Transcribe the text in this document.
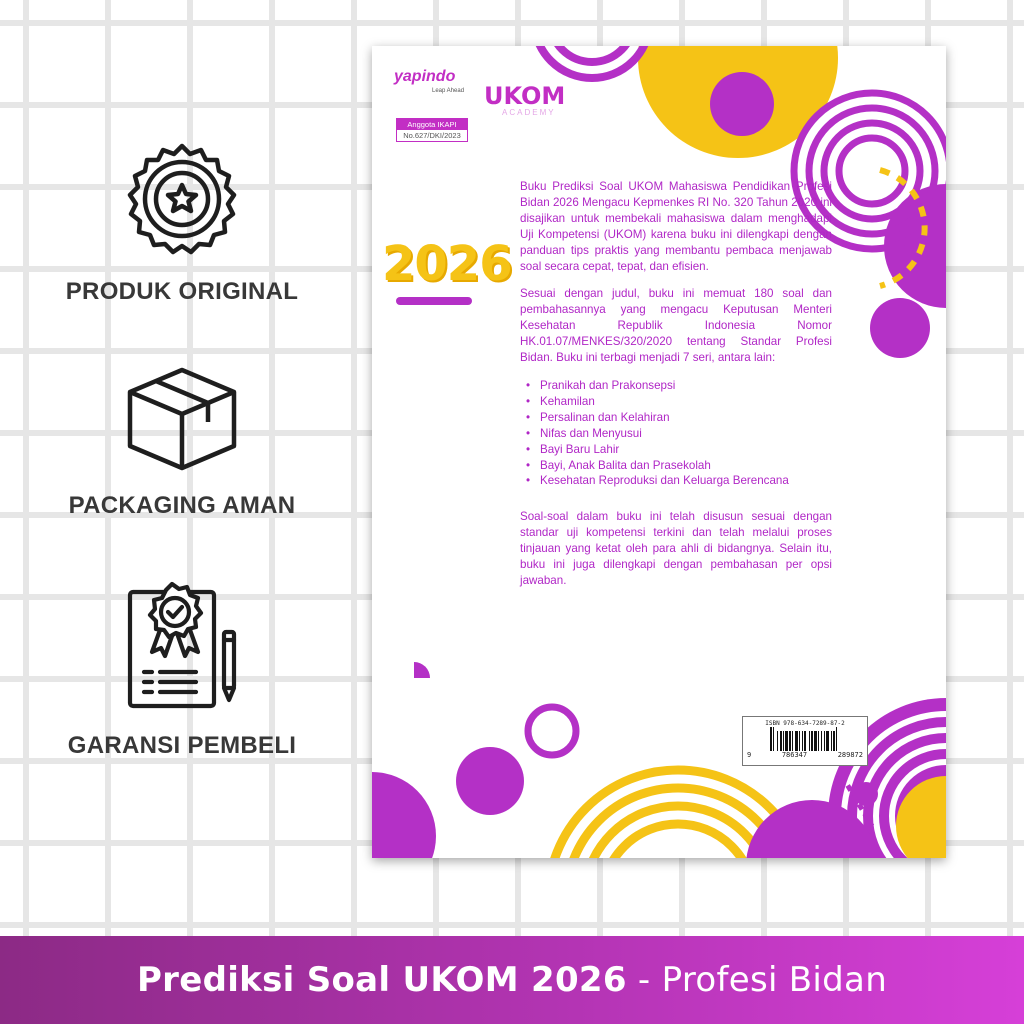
PRODUK ORIGINAL
PACKAGING AMAN
GARANSI PEMBELI
yapindo
Leap Ahead UKOM
ACADEMY
Anggota IKAPI
No.627/DKI/2023
2026

Buku Prediksi Soal UKOM Mahasiswa Pendidikan Profesi Bidan 2026 Mengacu Kepmenkes RI No. 320 Tahun 2020 ini disajikan untuk membekali mahasiswa dalam menghadapi Uji Kompetensi (UKOM) karena buku ini dilengkapi dengan panduan tips praktis yang membantu pembaca menjawab soal secara cepat, tepat, dan efisien.

Sesuai dengan judul, buku ini memuat 180 soal dan pembahasannya yang mengacu Keputusan Menteri Kesehatan Republik Indonesia Nomor HK.01.07/MENKES/320/2020 tentang Standar Profesi Bidan. Buku ini terbagi menjadi 7 seri, antara lain:

• Pranikah dan Prakonsepsi
• Kehamilan
• Persalinan dan Kelahiran
• Nifas dan Menyusui
• Bayi Baru Lahir
• Bayi, Anak Balita dan Prasekolah
• Kesehatan Reproduksi dan Keluarga Berencana

Soal-soal dalam buku ini telah disusun sesuai dengan standar uji kompetensi terkini dan telah melalui proses tinjauan yang ketat oleh para ahli di bidangnya. Selain itu, buku ini juga dilengkapi dengan pembahasan per opsi jawaban.

ISBN 978-634-7289-87-2
9	786347	289872
Prediksi Soal UKOM 2026 - Profesi Bidan
